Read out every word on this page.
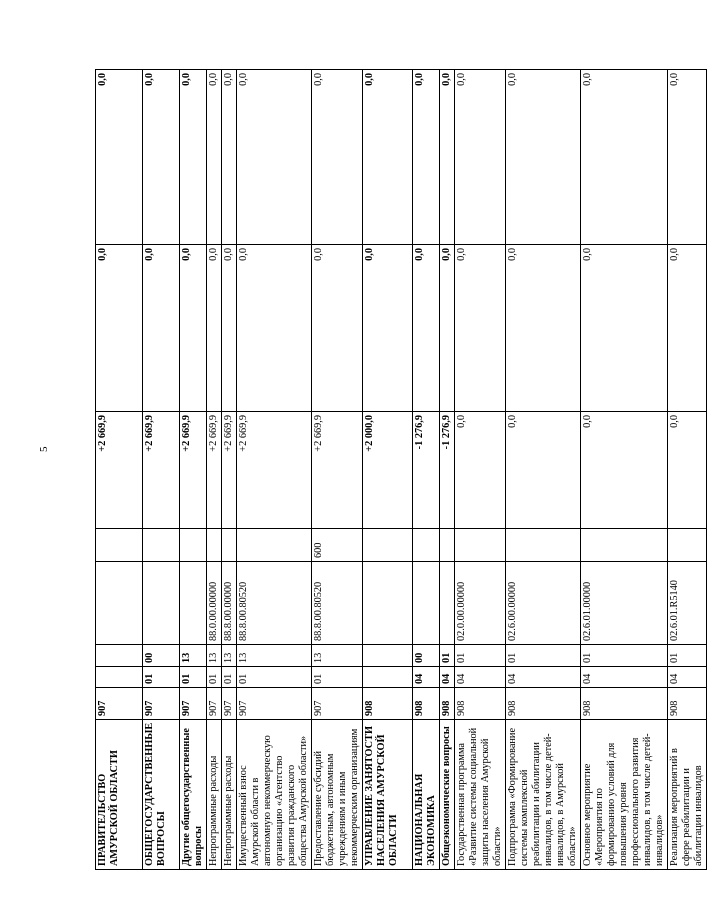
5
ПРАВИТЕЛЬСТВО АМУРСКОЙ ОБЛАСТИ	907					+2 669,9	0,0	0,0
ОБЩЕГОСУДАРСТВЕННЫЕ ВОПРОСЫ	907	01	00			+2 669,9	0,0	0,0
Другие общегосударственные вопросы	907	01	13			+2 669,9	0,0	0,0
Непрограммные расходы	907	01	13	88.0.00.00000		+2 669,9	0,0	0,0
Непрограммные расходы	907	01	13	88.8.00.00000		+2 669,9	0,0	0,0
Имущественный взнос Амурской области в автономную некоммерческую организацию «Агентство развития гражданского общества Амурской области»	907	01	13	88.8.00.80520		+2 669,9	0,0	0,0
Предоставление субсидий бюджетным, автономным учреждениям и иным некоммерческим организациям	907	01	13	88.8.00.80520	600	+2 669,9	0,0	0,0
УПРАВЛЕНИЕ ЗАНЯТОСТИ НАСЕЛЕНИЯ АМУРСКОЙ ОБЛАСТИ	908					+2 000,0	0,0	0,0
НАЦИОНАЛЬНАЯ ЭКОНОМИКА	908	04	00			-1 276,9	0,0	0,0
Общеэкономические вопросы	908	04	01			-1 276,9	0,0	0,0
Государственная программа «Развитие системы социальной защиты населения Амурской области»	908	04	01	02.0.00.00000		0,0	0,0	0,0
Подпрограмма «Формирование системы комплексной реабилитации и абилитации инвалидов, в том числе детей-инвалидов, в Амурской области»	908	04	01	02.6.00.00000		0,0	0,0	0,0
Основное мероприятие «Мероприятия по формированию условий для повышения уровня профессионального развития инвалидов, в том числе детей-инвалидов»	908	04	01	02.6.01.00000		0,0	0,0	0,0
Реализация мероприятий в сфере реабилитации и абилитации инвалидов	908	04	01	02.6.01.R5140		0,0	0,0	0,0
